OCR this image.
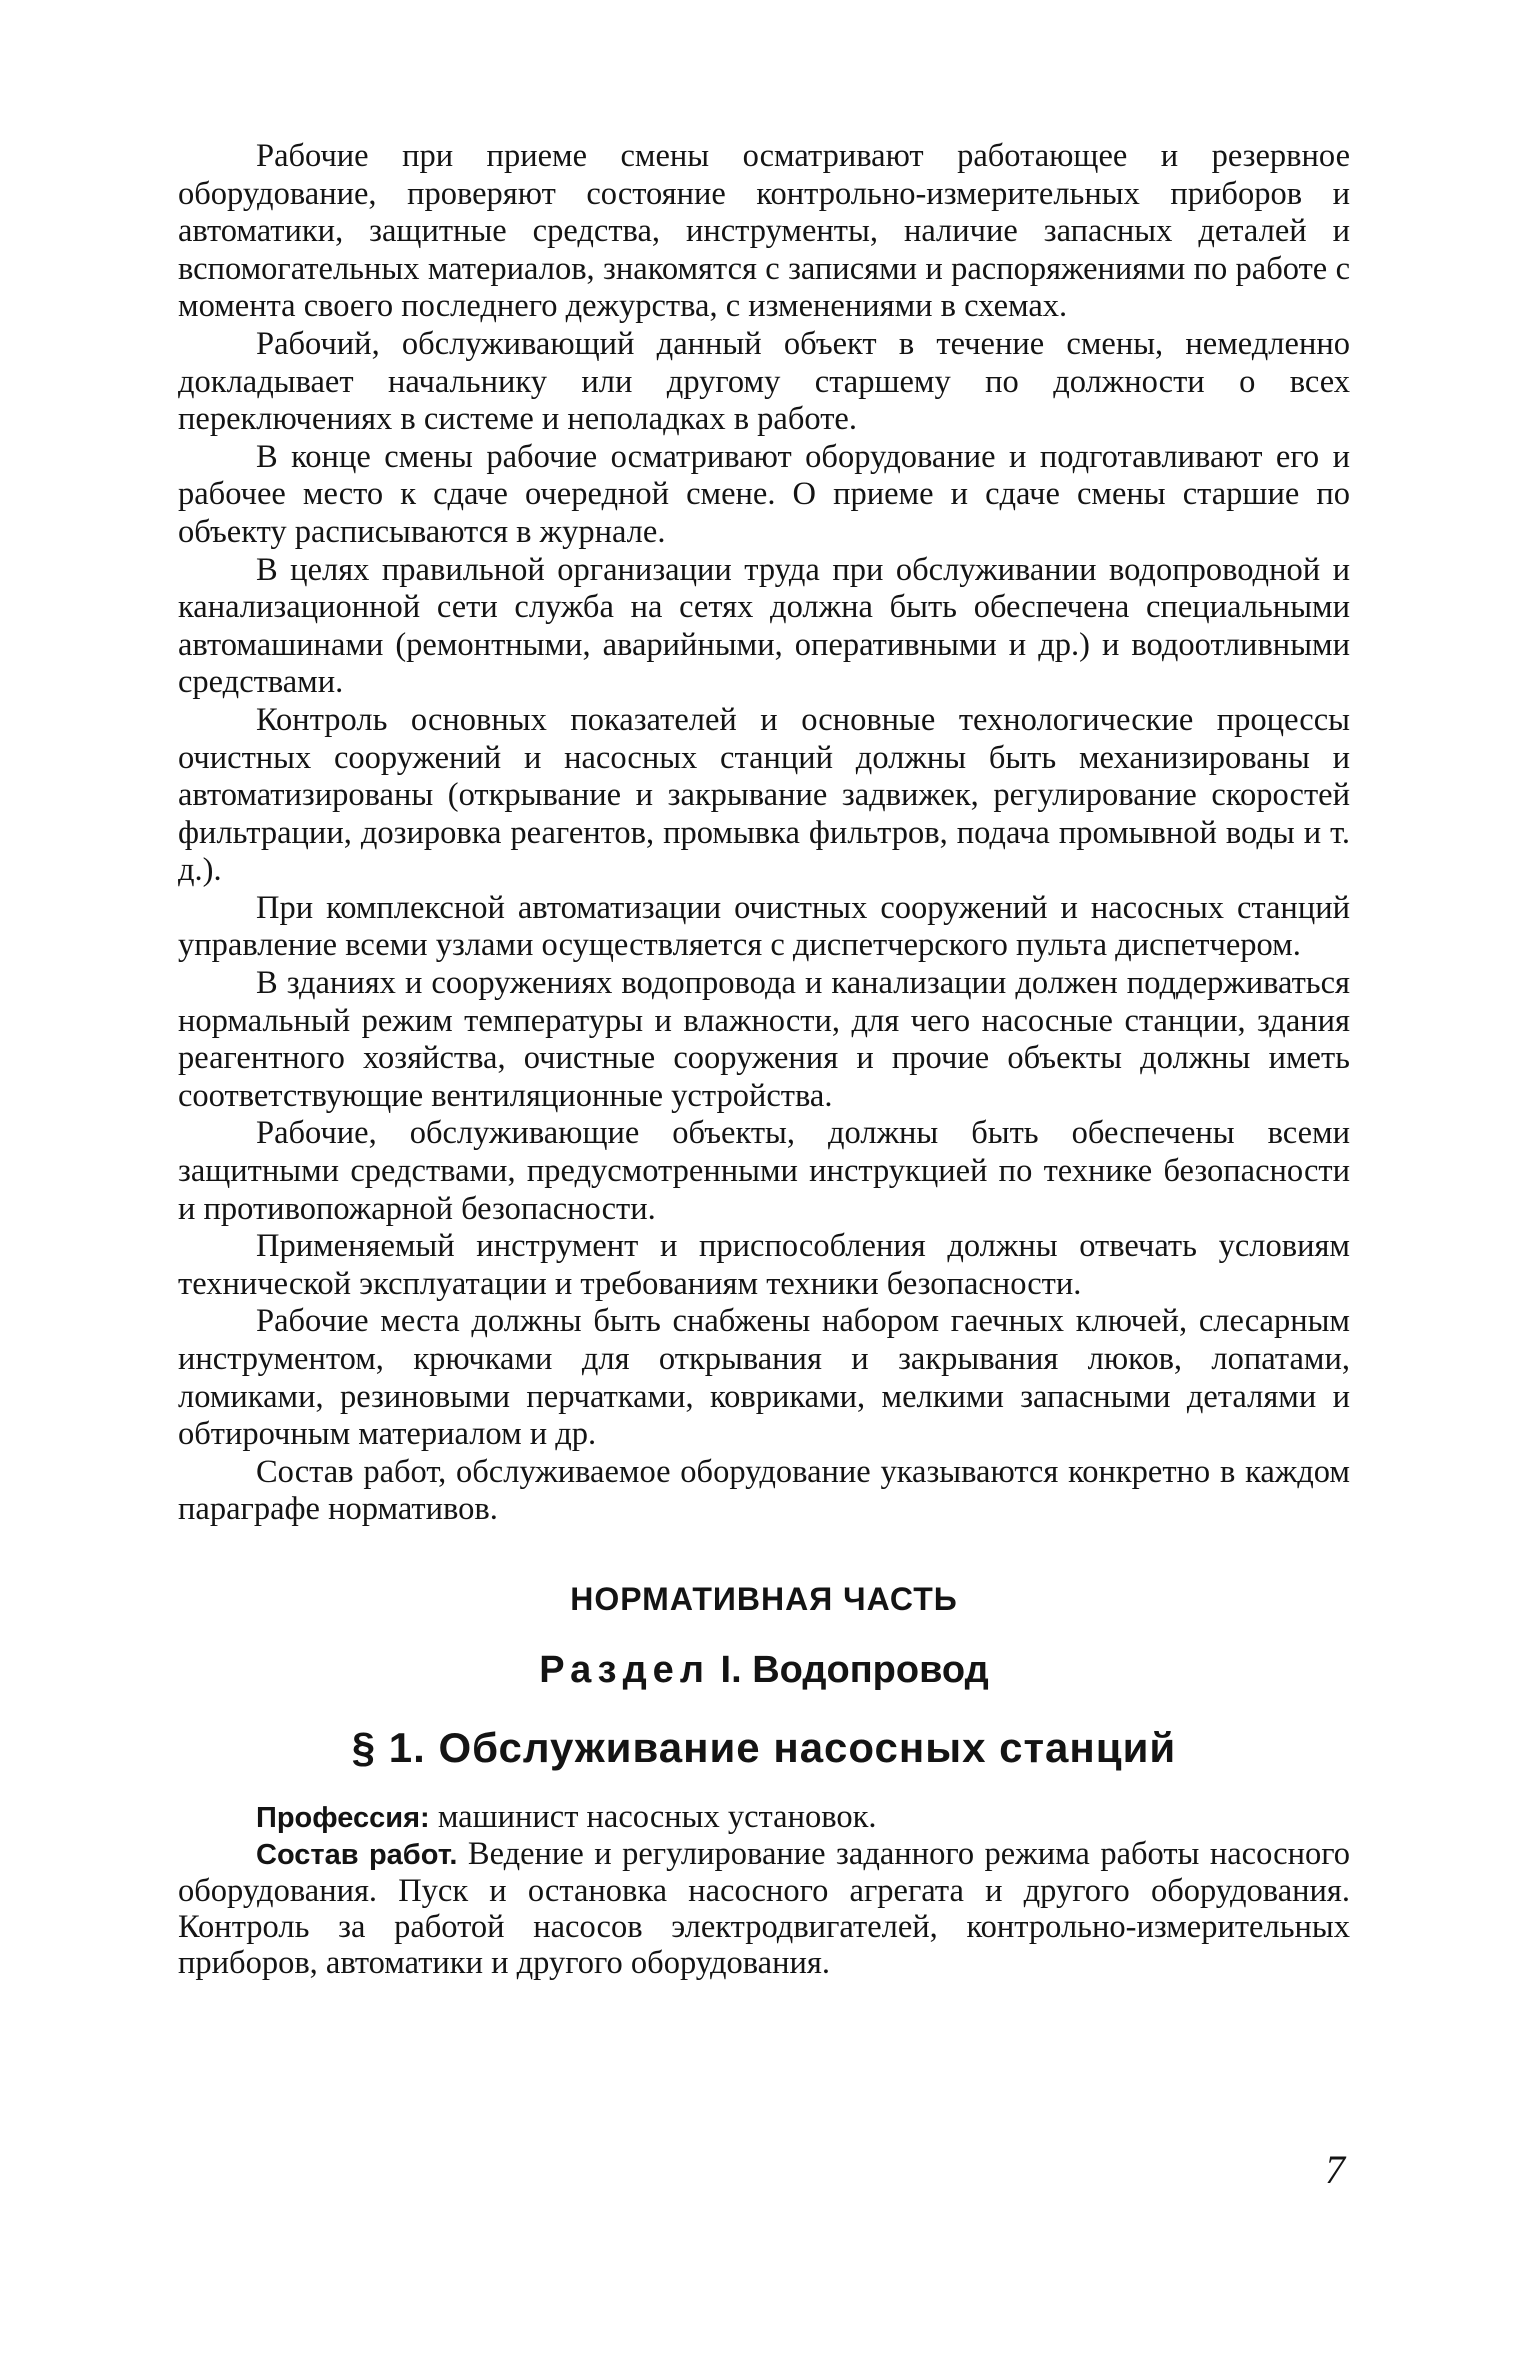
Рабочие при приеме смены осматривают работающее и резервное оборудование, проверяют состояние контрольно-измерительных приборов и автоматики, защитные средства, инструменты, наличие запасных деталей и вспомогательных материалов, знакомятся с записями и распоряжениями по работе с момента своего последнего дежурства, с изменениями в схемах.

Рабочий, обслуживающий данный объект в течение смены, немедленно докладывает начальнику или другому старшему по должности о всех переключениях в системе и неполадках в работе.

В конце смены рабочие осматривают оборудование и подготавливают его и рабочее место к сдаче очередной смене. О приеме и сдаче смены старшие по объекту расписываются в журнале.

В целях правильной организации труда при обслуживании водопроводной и канализационной сети служба на сетях должна быть обеспечена специальными автомашинами (ремонтными, аварийными, оперативными и др.) и водоотливными средствами.

Контроль основных показателей и основные технологические процессы очистных сооружений и насосных станций должны быть механизированы и автоматизированы (открывание и закрывание задвижек, регулирование скоростей фильтрации, дозировка реагентов, промывка фильтров, подача промывной воды и т. д.).

При комплексной автоматизации очистных сооружений и насосных станций управление всеми узлами осуществляется с диспетчерского пульта диспетчером.

В зданиях и сооружениях водопровода и канализации должен поддерживаться нормальный режим температуры и влажности, для чего насосные станции, здания реагентного хозяйства, очистные сооружения и прочие объекты должны иметь соответствующие вентиляционные устройства.

Рабочие, обслуживающие объекты, должны быть обеспечены всеми защитными средствами, предусмотренными инструкцией по технике безопасности и противопожарной безопасности.

Применяемый инструмент и приспособления должны отвечать условиям технической эксплуатации и требованиям техники безопасности.

Рабочие места должны быть снабжены набором гаечных ключей, слесарным инструментом, крючками для открывания и закрывания люков, лопатами, ломиками, резиновыми перчатками, ковриками, мелкими запасными деталями и обтирочным материалом и др.

Состав работ, обслуживаемое оборудование указываются конкретно в каждом параграфе нормативов.

НОРМАТИВНАЯ ЧАСТЬ
Раздел I. Водопровод
§ 1. Обслуживание насосных станций

Профессия: машинист насосных установок.

Состав работ. Ведение и регулирование заданного режима работы насосного оборудования. Пуск и остановка насосного агрегата и другого оборудования. Контроль за работой насосов электродвигателей, контрольно-измерительных приборов, автоматики и другого оборудования.

7
